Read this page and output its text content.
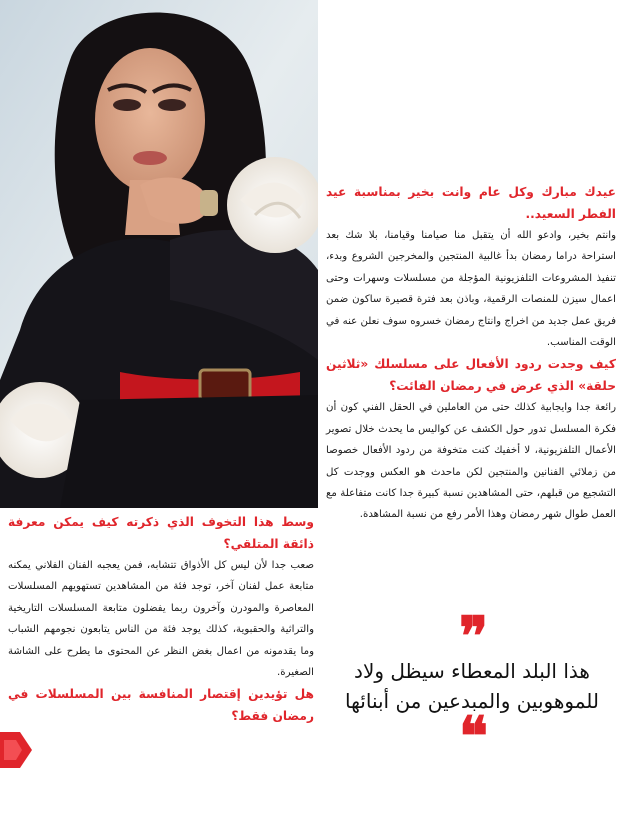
عيدك مبارك وكل عام وانت بخير بمناسبة عيد الفطر السعيد..

وانتم بخير، وادعو الله أن يتقبل منا صيامنا وقيامنا، بلا شك بعد استراحة دراما رمضان بدأ غالبية المنتجين والمخرجين الشروع وبدء، تنفيذ المشروعات التلفزيونية المؤجلة من مسلسلات وسهرات وحتى اعمال سيزن للمنصات الرقمية، وباذن بعد فترة قصيرة ساكون ضمن فريق عمل جديد من اخراج وانتاج رمضان خسروه سوف نعلن عنه في الوقت المناسب.

كيف وجدت ردود الأفعال على مسلسلك «ثلاثين حلقة» الذي عرض في رمضان الفائت؟

رائعة جدا وايجابية كذلك حتى من العاملين في الحقل الفني كون أن فكرة المسلسل تدور حول الكشف عن كواليس ما يحدث خلال تصوير الأعمال التلفزيونية، لا أخفيك كنت متخوفة من ردود الأفعال خصوصا من زملائي الفنانين والمنتجين لكن ماحدث هو العكس ووجدت كل التشجيع من قبلهم، حتى المشاهدين نسبة كبيرة جدا كانت متفاعلة مع العمل طوال شهر رمضان وهذا الأمر رفع من نسبة المشاهدة.

وسط هذا التخوف الذي ذكرته كيف يمكن معرفة ذائقة المتلقي؟

صعب جدا لأن ليس كل الأذواق تتشابه، فمن يعجبه الفنان الفلاني يمكنه متابعة عمل لفنان آخر، توجد فئة من المشاهدين تستهويهم المسلسلات المعاصرة والمودرن وآخرون ربما يفضلون متابعة المسلسلات التاريخية والتراثية والحقبوية، كذلك يوجد فئة من الناس يتابعون نجومهم الشباب وما يقدمونه من اعمال بغض النظر عن المحتوى ما يطرح على الشاشة الصغيرة.

هل تؤيدين إقتصار المنافسة بين المسلسلات في رمضان فقط؟

❞

هذا البلد المعطاء سيظل ولاد للموهوبين والمبدعين من أبنائها

❝
